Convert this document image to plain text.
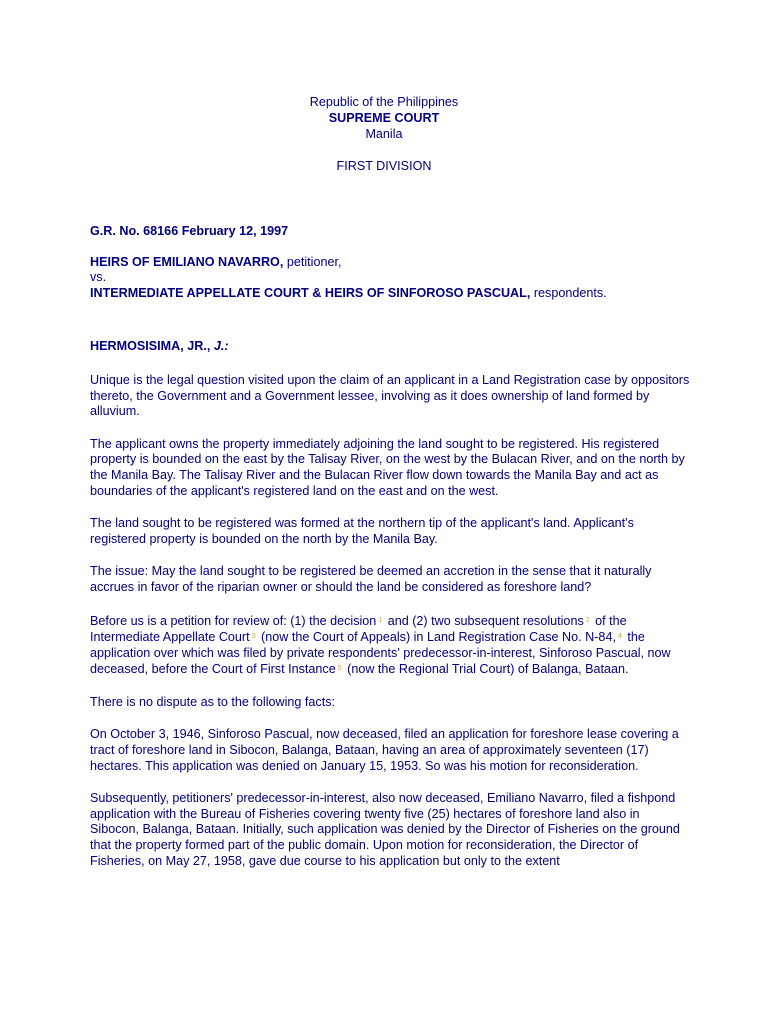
Republic of the Philippines
SUPREME COURT
Manila
FIRST DIVISION
G.R. No. 68166 February 12, 1997
HEIRS OF EMILIANO NAVARRO, petitioner,
vs.
INTERMEDIATE APPELLATE COURT & HEIRS OF SINFOROSO PASCUAL, respondents.
HERMOSISIMA, JR., J.:

Unique is the legal question visited upon the claim of an applicant in a Land Registration case by oppositors thereto, the Government and a Government lessee, involving as it does ownership of land formed by alluvium.

The applicant owns the property immediately adjoining the land sought to be registered. His registered property is bounded on the east by the Talisay River, on the west by the Bulacan River, and on the north by the Manila Bay. The Talisay River and the Bulacan River flow down towards the Manila Bay and act as boundaries of the applicant's registered land on the east and on the west.

The land sought to be registered was formed at the northern tip of the applicant's land. Applicant's registered property is bounded on the north by the Manila Bay.

The issue: May the land sought to be registered be deemed an accretion in the sense that it naturally accrues in favor of the riparian owner or should the land be considered as foreshore land?

Before us is a petition for review of: (1) the decision $^1$ and (2) two subsequent resolutions $^2$ of the Intermediate Appellate Court $^3$ (now the Court of Appeals) in Land Registration Case No. N-84, $^4$ the application over which was filed by private respondents' predecessor-in-interest, Sinforoso Pascual, now deceased, before the Court of First Instance $^5$ (now the Regional Trial Court) of Balanga, Bataan.

There is no dispute as to the following facts:

On October 3, 1946, Sinforoso Pascual, now deceased, filed an application for foreshore lease covering a tract of foreshore land in Sibocon, Balanga, Bataan, having an area of approximately seventeen (17) hectares. This application was denied on January 15, 1953. So was his motion for reconsideration.

Subsequently, petitioners' predecessor-in-interest, also now deceased, Emiliano Navarro, filed a fishpond application with the Bureau of Fisheries covering twenty five (25) hectares of foreshore land also in Sibocon, Balanga, Bataan. Initially, such application was denied by the Director of Fisheries on the ground that the property formed part of the public domain. Upon motion for reconsideration, the Director of Fisheries, on May 27, 1958, gave due course to his application but only to the extent
